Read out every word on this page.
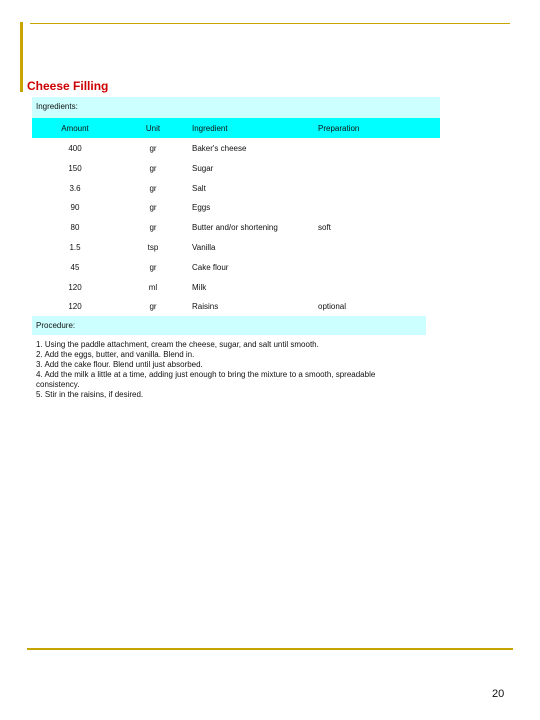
Cheese Filling
Ingredients:
Amount	Unit	Ingredient	Preparation
400	gr	Baker's cheese
150	gr	Sugar
3.6	gr	Salt
90	gr	Eggs
80	gr	Butter and/or shortening	soft
1.5	tsp	Vanilla
45	gr	Cake flour
120	ml	Milk
120	gr	Raisins	optional
Procedure:
1. Using the paddle attachment, cream the cheese, sugar, and salt until smooth.
2. Add the eggs, butter, and vanilla. Blend in.
3. Add the cake flour. Blend until just absorbed.
4. Add the milk a little at a time, adding just enough to bring the mixture to a smooth, spreadable consistency.
5. Stir in the raisins, if desired.
20
